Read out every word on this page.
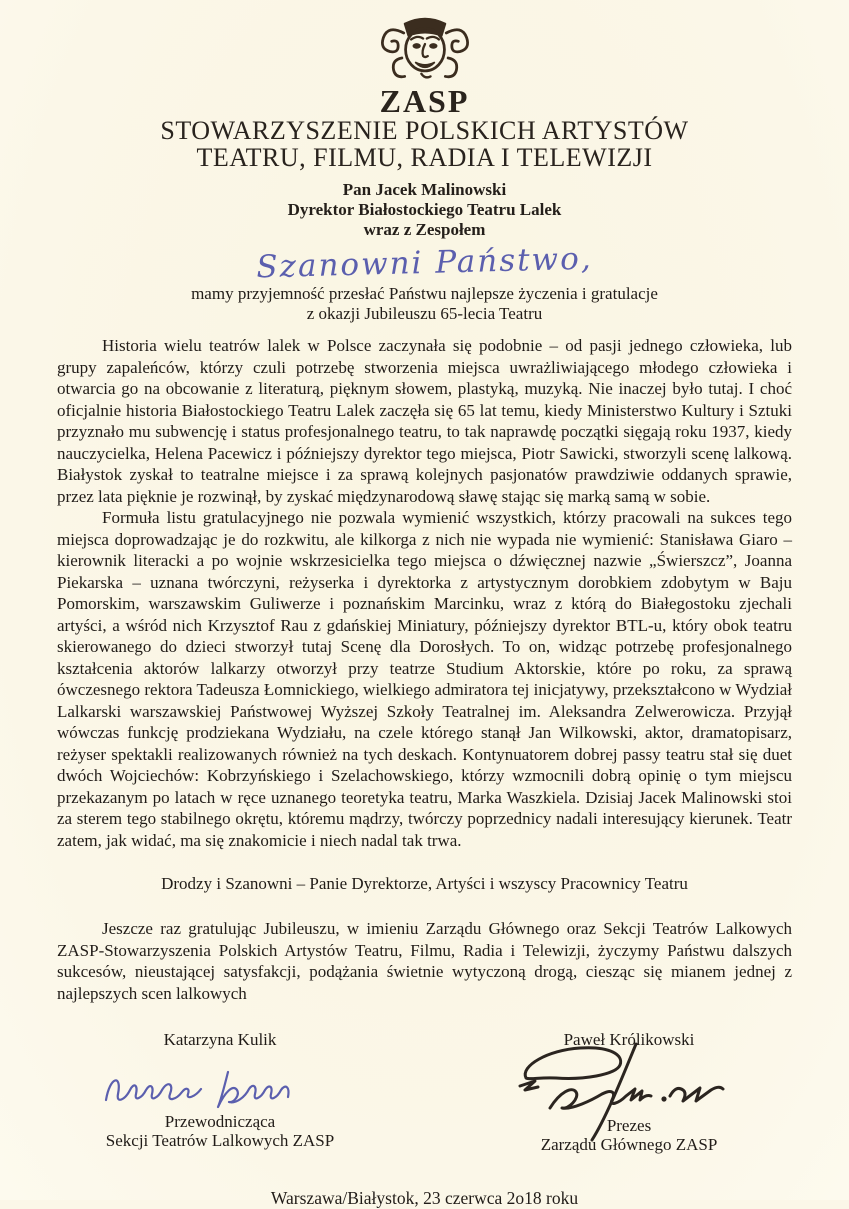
ZASP
STOWARZYSZENIE POLSKICH ARTYSTÓW
TEATRU, FILMU, RADIA I TELEWIZJI
Pan Jacek Malinowski
Dyrektor Białostockiego Teatru Lalek
wraz z Zespołem
Szanowni Państwo,
mamy przyjemność przesłać Państwu najlepsze życzenia i gratulacje
z okazji Jubileuszu 65-lecia Teatru

Historia wielu teatrów lalek w Polsce zaczynała się podobnie – od pasji jednego człowieka, lub grupy zapaleńców, którzy czuli potrzebę stworzenia miejsca uwrażliwiającego młodego człowieka i otwarcia go na obcowanie z literaturą, pięknym słowem, plastyką, muzyką. Nie inaczej było tutaj. I choć oficjalnie historia Białostockiego Teatru Lalek zaczęła się 65 lat temu, kiedy Ministerstwo Kultury i Sztuki przyznało mu subwencję i status profesjonalnego teatru, to tak naprawdę początki sięgają roku 1937, kiedy nauczycielka, Helena Pacewicz i późniejszy dyrektor tego miejsca, Piotr Sawicki, stworzyli scenę lalkową. Białystok zyskał to teatralne miejsce i za sprawą kolejnych pasjonatów prawdziwie oddanych sprawie, przez lata pięknie je rozwinął, by zyskać międzynarodową sławę stając się marką samą w sobie.

Formuła listu gratulacyjnego nie pozwala wymienić wszystkich, którzy pracowali na sukces tego miejsca doprowadzając je do rozkwitu, ale kilkorga z nich nie wypada nie wymienić: Stanisława Giaro – kierownik literacki a po wojnie wskrzesicielka tego miejsca o dźwięcznej nazwie „Świerszcz”, Joanna Piekarska – uznana twórczyni, reżyserka i dyrektorka z artystycznym dorobkiem zdobytym w Baju Pomorskim, warszawskim Guliwerze i poznańskim Marcinku, wraz z którą do Białegostoku zjechali artyści, a wśród nich Krzysztof Rau z gdańskiej Miniatury, późniejszy dyrektor BTL-u, który obok teatru skierowanego do dzieci stworzył tutaj Scenę dla Dorosłych. To on, widząc potrzebę profesjonalnego kształcenia aktorów lalkarzy otworzył przy teatrze Studium Aktorskie, które po roku, za sprawą ówczesnego rektora Tadeusza Łomnickiego, wielkiego admiratora tej inicjatywy, przekształcono w Wydział Lalkarski warszawskiej Państwowej Wyższej Szkoły Teatralnej im. Aleksandra Zelwerowicza. Przyjął wówczas funkcję prodziekana Wydziału, na czele którego stanął Jan Wilkowski, aktor, dramatopisarz, reżyser spektakli realizowanych również na tych deskach. Kontynuatorem dobrej passy teatru stał się duet dwóch Wojciechów: Kobrzyńskiego i Szelachowskiego, którzy wzmocnili dobrą opinię o tym miejscu przekazanym po latach w ręce uznanego teoretyka teatru, Marka Waszkiela. Dzisiaj Jacek Malinowski stoi za sterem tego stabilnego okrętu, któremu mądrzy, twórczy poprzednicy nadali interesujący kierunek. Teatr zatem, jak widać, ma się znakomicie i niech nadal tak trwa.

Drodzy i Szanowni – Panie Dyrektorze, Artyści i wszyscy Pracownicy Teatru

Jeszcze raz gratulując Jubileuszu, w imieniu Zarządu Głównego oraz Sekcji Teatrów Lalkowych ZASP-Stowarzyszenia Polskich Artystów Teatru, Filmu, Radia i Telewizji, życzymy Państwu dalszych sukcesów, nieustającej satysfakcji, podążania świetnie wytyczoną drogą, ciesząc się mianem jednej z najlepszych scen lalkowych

Katarzyna Kulik
Przewodnicząca
Sekcji Teatrów Lalkowych ZASP
Paweł Królikowski
Prezes
Zarządu Głównego ZASP
Warszawa/Białystok, 23 czerwca 2o18 roku
